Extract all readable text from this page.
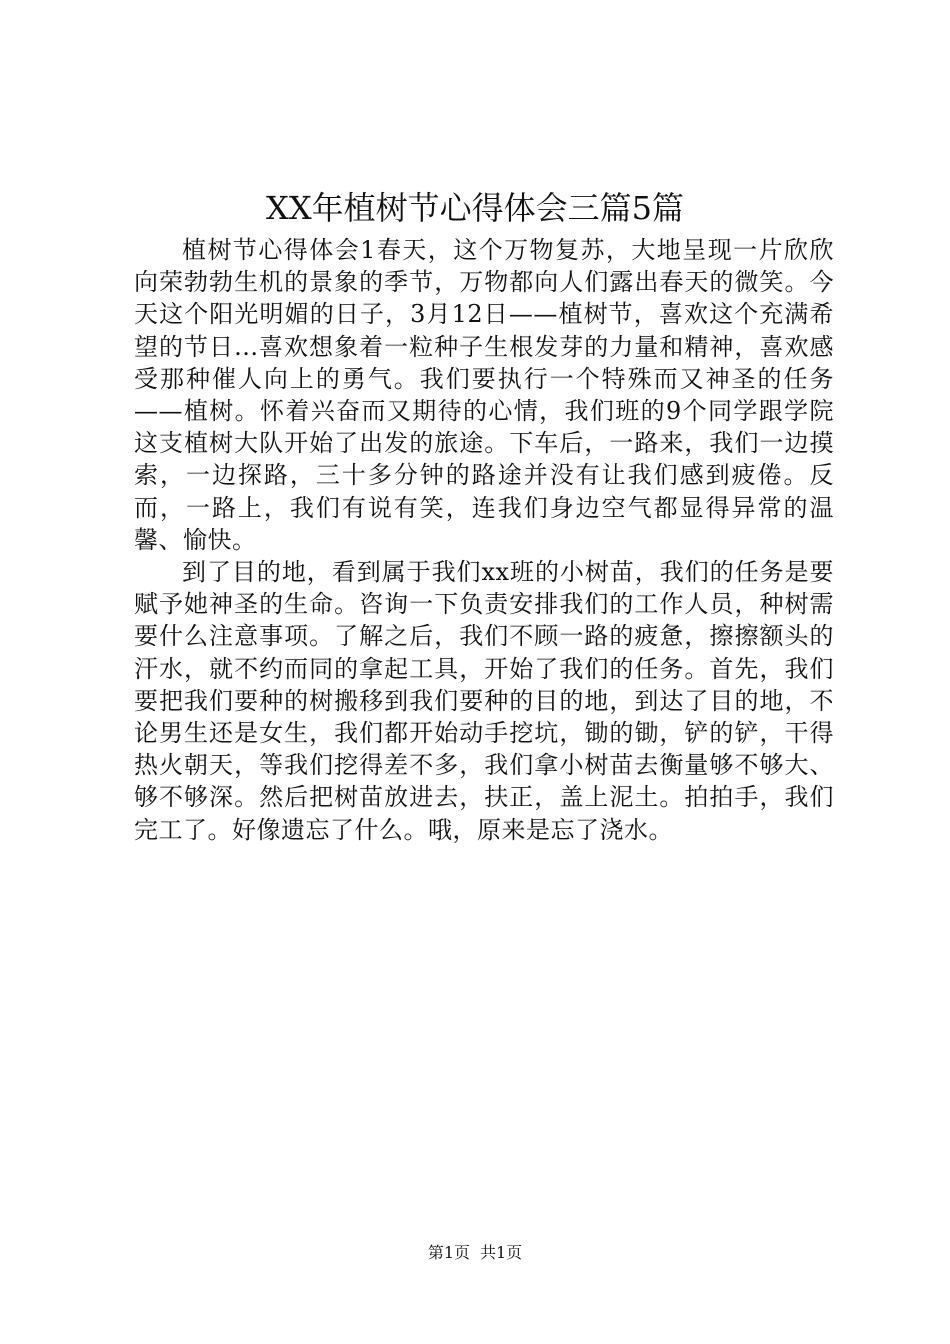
XX年植树节心得体会三篇5篇

植树节心得体会1春天，这个万物复苏，大地呈现一片欣欣向荣勃勃生机的景象的季节，万物都向人们露出春天的微笑。今天这个阳光明媚的日子，3月12日——植树节，喜欢这个充满希望的节日...喜欢想象着一粒种子生根发芽的力量和精神，喜欢感受那种催人向上的勇气。我们要执行一个特殊而又神圣的任务——植树。怀着兴奋而又期待的心情，我们班的9个同学跟学院这支植树大队开始了出发的旅途。下车后，一路来，我们一边摸索，一边探路，三十多分钟的路途并没有让我们感到疲倦。反而，一路上，我们有说有笑，连我们身边空气都显得异常的温馨、愉快。

到了目的地，看到属于我们xx班的小树苗，我们的任务是要赋予她神圣的生命。咨询一下负责安排我们的工作人员，种树需要什么注意事项。了解之后，我们不顾一路的疲惫，擦擦额头的汗水，就不约而同的拿起工具，开始了我们的任务。首先，我们要把我们要种的树搬移到我们要种的目的地，到达了目的地，不论男生还是女生，我们都开始动手挖坑，锄的锄，铲的铲，干得热火朝天，等我们挖得差不多，我们拿小树苗去衡量够不够大、够不够深。然后把树苗放进去，扶正，盖上泥土。拍拍手，我们完工了。好像遗忘了什么。哦，原来是忘了浇水。

第1页 共1页
